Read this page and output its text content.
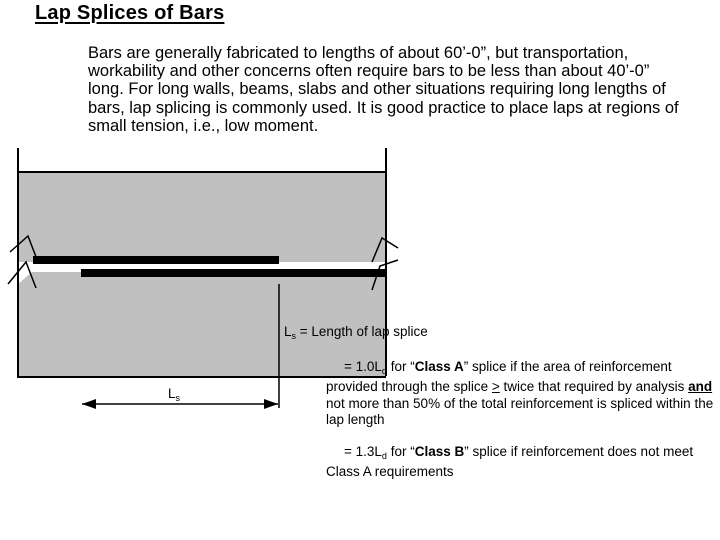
Lap Splices of Bars

Bars are generally fabricated to lengths of about 60’-0”, but transportation, workability and other concerns often require bars to be less than about 40’-0” long. For long walls, beams, slabs and other situations requiring long lengths of bars, lap splicing is commonly used. It is good practice to place laps at regions of small tension, i.e., low moment.

$L_s$ = Length of lap splice
$L_s$
= $1.0L_d$ for “Class A” splice if the area of reinforcement provided through the splice > twice that required by analysis and not more than 50% of the total reinforcement is spliced within the lap length
= $1.3L_d$ for “Class B” splice if reinforcement does not meet Class A requirements
